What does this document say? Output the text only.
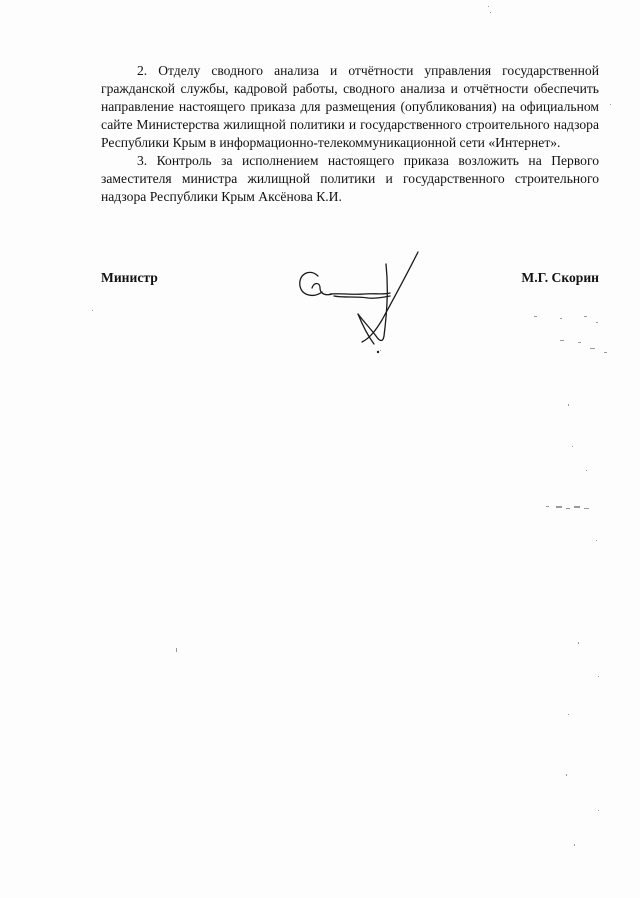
2. Отделу сводного анализа и отчётности управления государственной гражданской службы, кадровой работы, сводного анализа и отчётности обеспечить направление настоящего приказа для размещения (опубликования) на официальном сайте Министерства жилищной политики и государственного строительного надзора Республики Крым в информационно-телекоммуникационной сети «Интернет».

3. Контроль за исполнением настоящего приказа возложить на Первого заместителя министра жилищной политики и государственного строительного надзора Республики Крым Аксёнова К.И.

Министр	М.Г. Скорин
